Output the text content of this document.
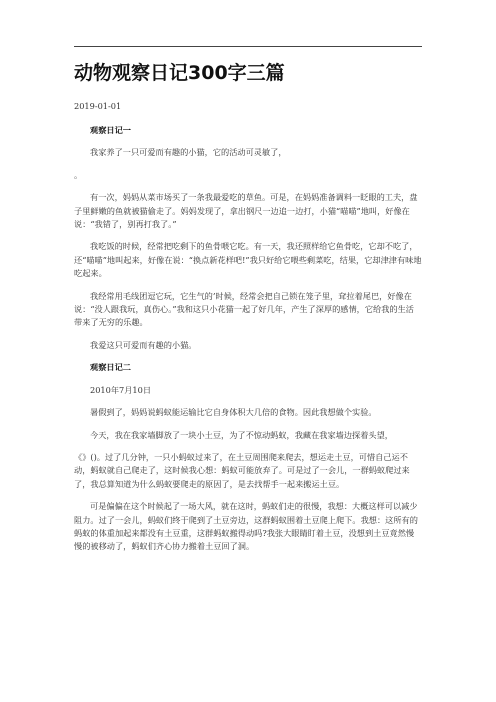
动物观察日记300字三篇
2019-01-01

观察日记一

我家养了一只可爱而有趣的小猫，它的活动可灵敏了，

。

有一次，妈妈从菜市场买了一条我最爱吃的草鱼。可是，在妈妈准备调料一眨眼的工夫，盘子里鲜嫩的鱼就被猫偷走了。妈妈发现了，拿出钢尺一边追一边打，小猫“喵喵”地叫，好像在说：“我错了，别再打我了。”

我吃饭的时候，经常把吃剩下的鱼骨喂它吃。有一天，我还照样给它鱼骨吃，它却不吃了，还“喵喵”地叫起来，好像在说：“换点新花样吧!”我只好给它喂些剩菜吃，结果，它却津津有味地吃起来。

我经常用毛线团逗它玩，它生气的’时候，经常会把自己锁在笼子里，耷拉着尾巴，好像在说：“没人跟我玩，真伤心。”我和这只小花猫一起了好几年，产生了深厚的感情，它给我的生活带来了无穷的乐趣。

我爱这只可爱而有趣的小猫。

观察日记二

2010年7月10日

暑假到了，妈妈说蚂蚁能运输比它自身体积大几倍的食物。因此我想做个实验。

今天，我在我家墙脚放了一块小土豆，为了不惊动蚂蚁，我藏在我家墙边探着头望，

《》()。过了几分钟，一只小蚂蚁过来了，在土豆周围爬来爬去，想运走土豆，可惜自己运不动，蚂蚁就自己爬走了，这时候我心想：蚂蚁可能放弃了。可是过了一会儿，一群蚂蚁爬过来了，我总算知道为什么蚂蚁要爬走的原因了，是去找帮手一起来搬运土豆。

可是偏偏在这个时候起了一场大风，就在这时，蚂蚁们走的很慢，我想：大概这样可以减少阻力。过了一会儿，蚂蚁们终于爬到了土豆旁边，这群蚂蚁围着土豆爬上爬下。我想：这所有的蚂蚁的体重加起来都没有土豆重，这群蚂蚁搬得动吗?我张大眼睛盯着土豆，没想到土豆竟然慢慢的被移动了，蚂蚁们齐心协力搬着土豆回了洞。
